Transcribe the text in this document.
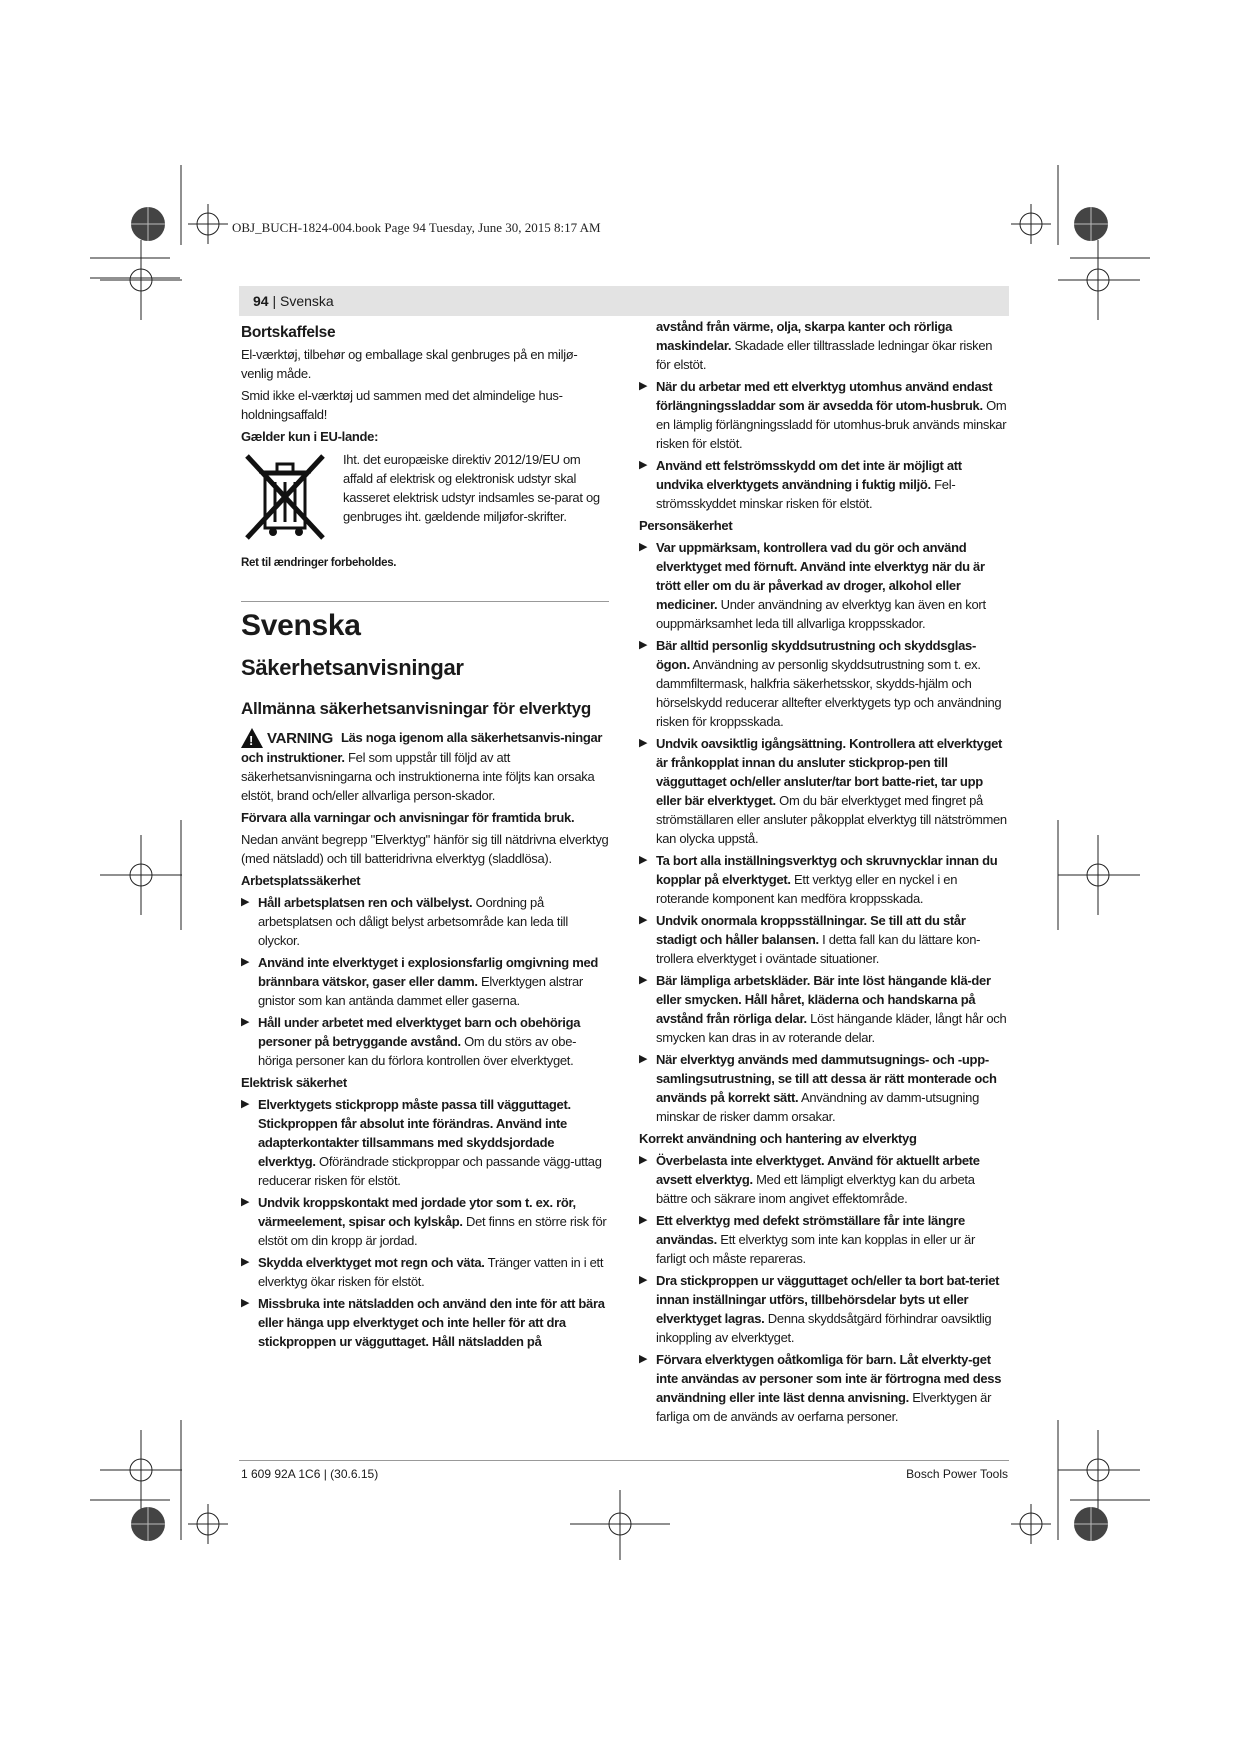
OBJ_BUCH-1824-004.book Page 94 Tuesday, June 30, 2015 8:17 AM
94 | Svenska

Bortskaffelse

El-værktøj, tilbehør og emballage skal genbruges på en miljø-venlig måde.

Smid ikke el-værktøj ud sammen med det almindelige hus-holdningsaffald!

Gælder kun i EU-lande:

Iht. det europæiske direktiv 2012/19/EU om affald af elektrisk og elektronisk udstyr skal kasseret elektrisk udstyr indsamles se-parat og genbruges iht. gældende miljøfor-skrifter.

Ret til ændringer forbeholdes.

Svenska

Säkerhetsanvisningar

Allmänna säkerhetsanvisningar för elverktyg

! VARNING Läs noga igenom alla säkerhetsanvis-ningar och instruktioner. Fel som uppstår till följd av att säkerhetsanvisningarna och instruktionerna inte följts kan orsaka elstöt, brand och/eller allvarliga person-skador.

Förvara alla varningar och anvisningar för framtida bruk.

Nedan använt begrepp "Elverktyg" hänför sig till nätdrivna elverktyg (med nätsladd) och till batteridrivna elverktyg (sladdlösa).

Arbetsplatssäkerhet

▶ Håll arbetsplatsen ren och välbelyst. Oordning på arbetsplatsen och dåligt belyst arbetsområde kan leda till olyckor.

▶ Använd inte elverktyget i explosionsfarlig omgivning med brännbara vätskor, gaser eller damm. Elverktygen alstrar gnistor som kan antända dammet eller gaserna.

▶ Håll under arbetet med elverktyget barn och obehöriga personer på betryggande avstånd. Om du störs av obe-höriga personer kan du förlora kontrollen över elverktyget.

Elektrisk säkerhet

▶ Elverktygets stickpropp måste passa till vägguttaget. Stickproppen får absolut inte förändras. Använd inte adapterkontakter tillsammans med skyddsjordade elverktyg. Oförändrade stickproppar och passande vägg-uttag reducerar risken för elstöt.

▶ Undvik kroppskontakt med jordade ytor som t. ex. rör, värmeelement, spisar och kylskåp. Det finns en större risk för elstöt om din kropp är jordad.

▶ Skydda elverktyget mot regn och väta. Tränger vatten in i ett elverktyg ökar risken för elstöt.

▶ Missbruka inte nätsladden och använd den inte för att bära eller hänga upp elverktyget och inte heller för att dra stickproppen ur vägguttaget. Håll nätsladden på

avstånd från värme, olja, skarpa kanter och rörliga maskindelar. Skadade eller tilltrasslade ledningar ökar risken för elstöt.

▶ När du arbetar med ett elverktyg utomhus använd endast förlängningssladdar som är avsedda för utom-husbruk. Om en lämplig förlängningssladd för utomhus-bruk används minskar risken för elstöt.

▶ Använd ett felströmsskydd om det inte är möjligt att undvika elverktygets användning i fuktig miljö. Fel-strömsskyddet minskar risken för elstöt.

Personsäkerhet

▶ Var uppmärksam, kontrollera vad du gör och använd elverktyget med förnuft. Använd inte elverktyg när du är trött eller om du är påverkad av droger, alkohol eller mediciner. Under användning av elverktyg kan även en kort ouppmärksamhet leda till allvarliga kroppsskador.

▶ Bär alltid personlig skyddsutrustning och skyddsglas-ögon. Användning av personlig skyddsutrustning som t. ex. dammfiltermask, halkfria säkerhetsskor, skydds-hjälm och hörselskydd reducerar alltefter elverktygets typ och användning risken för kroppsskada.

▶ Undvik oavsiktlig igångsättning. Kontrollera att elverktyget är frånkopplat innan du ansluter stickprop-pen till vägguttaget och/eller ansluter/tar bort batte-riet, tar upp eller bär elverktyget. Om du bär elverktyget med fingret på strömställaren eller ansluter påkopplat elverktyg till nätströmmen kan olycka uppstå.

▶ Ta bort alla inställningsverktyg och skruvnycklar innan du kopplar på elverktyget. Ett verktyg eller en nyckel i en roterande komponent kan medföra kroppsskada.

▶ Undvik onormala kroppsställningar. Se till att du står stadigt och håller balansen. I detta fall kan du lättare kon-trollera elverktyget i oväntade situationer.

▶ Bär lämpliga arbetskläder. Bär inte löst hängande klä-der eller smycken. Håll håret, kläderna och handskarna på avstånd från rörliga delar. Löst hängande kläder, långt hår och smycken kan dras in av roterande delar.

▶ När elverktyg används med dammutsugnings- och -upp-samlingsutrustning, se till att dessa är rätt monterade och används på korrekt sätt. Användning av damm-utsugning minskar de risker damm orsakar.

Korrekt användning och hantering av elverktyg

▶ Överbelasta inte elverktyget. Använd för aktuellt arbete avsett elverktyg. Med ett lämpligt elverktyg kan du arbeta bättre och säkrare inom angivet effektområde.

▶ Ett elverktyg med defekt strömställare får inte längre användas. Ett elverktyg som inte kan kopplas in eller ur är farligt och måste repareras.

▶ Dra stickproppen ur vägguttaget och/eller ta bort bat-teriet innan inställningar utförs, tillbehörsdelar byts ut eller elverktyget lagras. Denna skyddsåtgärd förhindrar oavsiktlig inkoppling av elverktyget.

▶ Förvara elverktygen oåtkomliga för barn. Låt elverkty-get inte användas av personer som inte är förtrogna med dess användning eller inte läst denna anvisning. Elverktygen är farliga om de används av oerfarna personer.

1 609 92A 1C6 | (30.6.15)	Bosch Power Tools
